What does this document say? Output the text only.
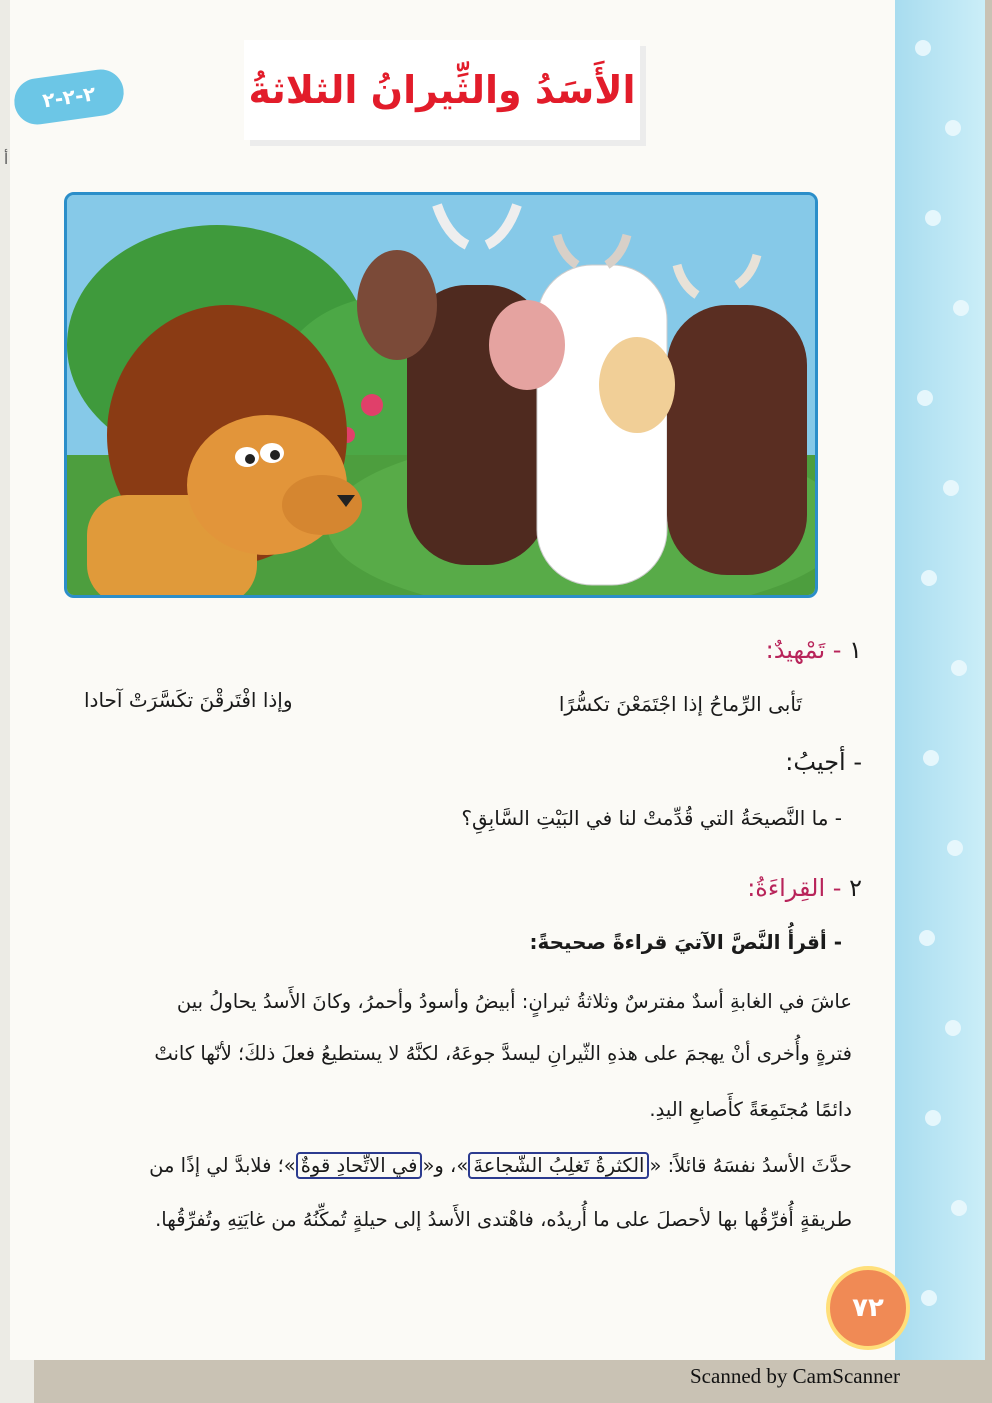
أ
٢-٢-٢	الأَسَدُ والثِّيرانُ الثلاثةُ
١ - تَمْهيدٌ:
تَأبى الرِّماحُ إذا اجْتَمَعْنَ تكسُّرًا
وإذا افْتَرقْنَ تكَسَّرَتْ آحادا
- أجيبُ:
- ما النَّصيحَةُ التي قُدِّمتْ لنا في البَيْتِ السَّابِقِ؟
٢ - القِراءَةُ:
- أقرأُ النَّصَّ الآتيَ قراءةً صحيحةً:
عاشَ في الغابةِ أسدٌ مفترسٌ وثلاثةُ ثيرانٍ: أبيضُ وأسودُ وأحمرُ، وكانَ الأَسدُ يحاولُ بين
فترةٍ وأُخرى أنْ يهجمَ على هذهِ الثّيرانِ ليسدَّ جوعَهُ، لكنَّهُ لا يستطيعُ فعلَ ذلكَ؛ لأنّها كانتْ
دائمًا مُجتَمِعَةً كأَصابعِ اليدِ.
حدَّثَ الأسدُ نفسَهُ قائلاً: «الكثرةُ تَغلِبُ الشّجاعةَ»، و«في الاتِّحادِ قوةٌ»؛ فلابدَّ لي إذًا من
طريقةٍ أُفرِّقُها بها لأحصلَ على ما أُريدُه، فاهْتدى الأَسدُ إلى حيلةٍ تُمكِّنُهُ من غايَتِهِ وتُفرِّقُها.
٧٢
Scanned by CamScanner
